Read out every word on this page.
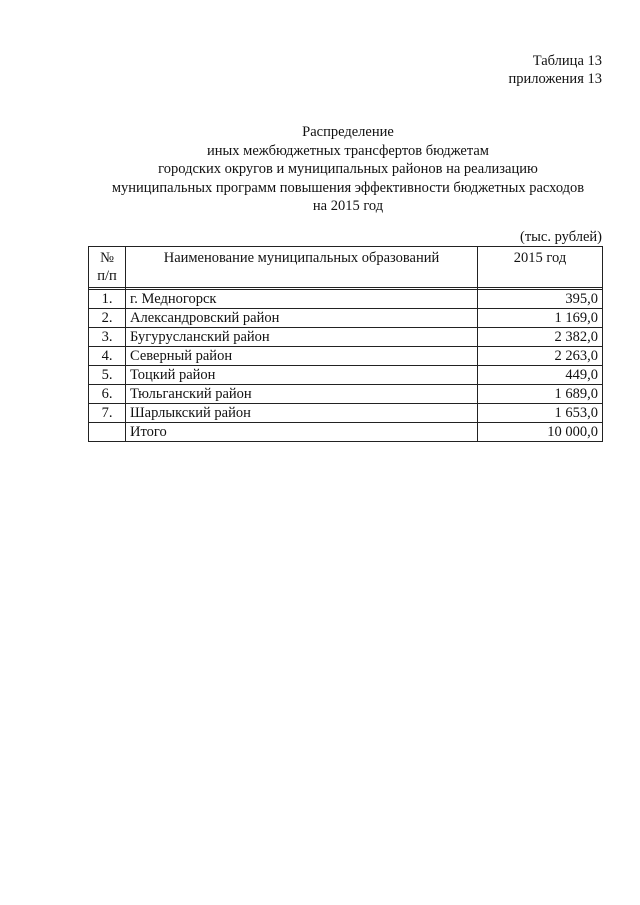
Таблица 13
приложения 13
Распределение
иных межбюджетных трансфертов бюджетам
городских округов и муниципальных районов на реализацию
муниципальных программ повышения эффективности бюджетных расходов
на 2015 год
(тыс. рублей)
№
п/п	Наименование муниципальных образований	2015 год

1.	г. Медногорск	395,0
2.	Александровский район	1 169,0
3.	Бугурусланский район	2 382,0
4.	Северный район	2 263,0
5.	Тоцкий район	449,0
6.	Тюльганский район	1 689,0
7.	Шарлыкский район	1 653,0
	Итого	10 000,0
